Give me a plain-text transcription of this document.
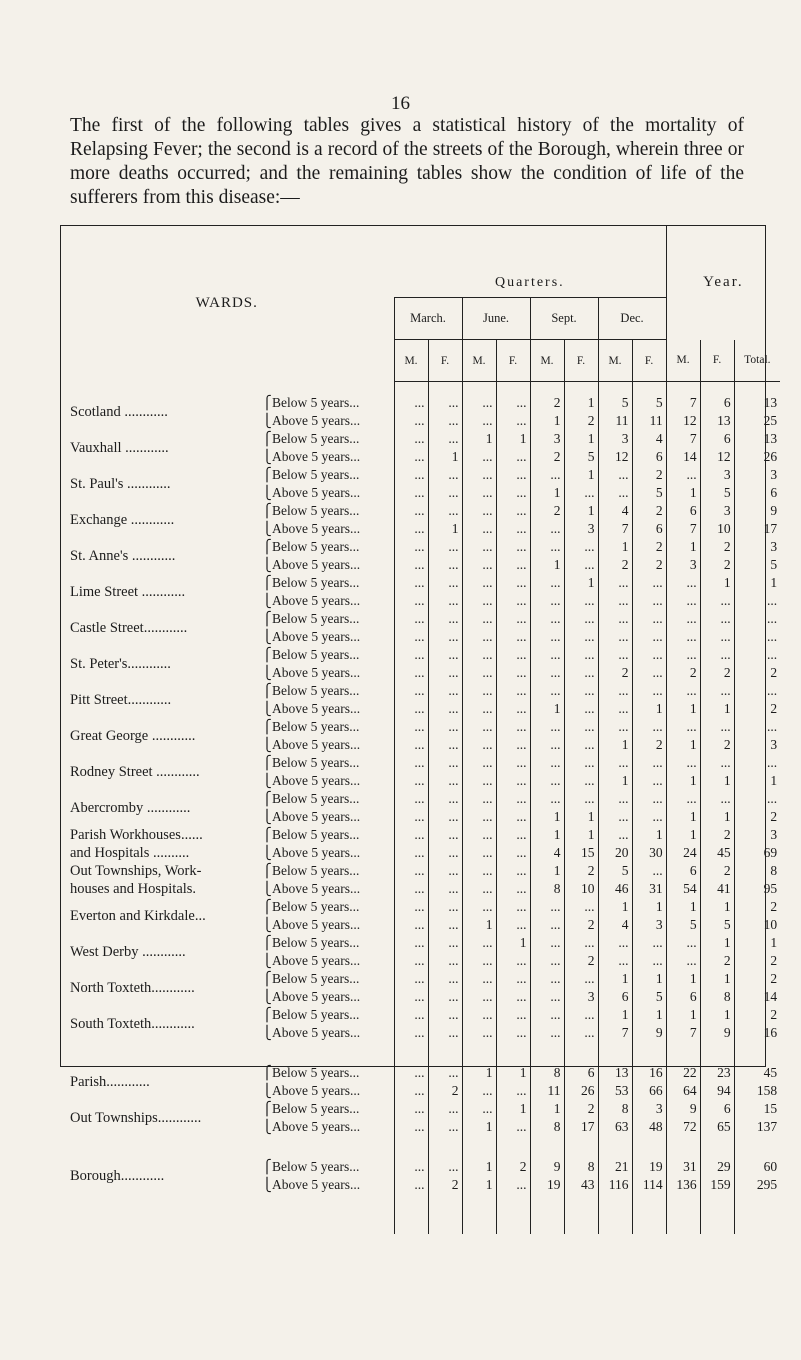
16

The first of the following tables gives a statistical history of the mortality of Relapsing Fever; the second is a record of the streets of the Borough, wherein three or more deaths occurred; and the remaining tables show the condition of life of the sufferers from this disease:—

WARDS.		Quarters.								Year.		
		March.		June.		Sept.		Dec.				
		M.	F.	M.	F.	M.	F.	M.	F.	M.	F.	Total.

Scotland ............	⎧Below 5 years...	...	...	...	...	2	1	5	5	7	6	13
	⎩Above 5 years...	...	...	...	...	1	2	11	11	12	13	25
Vauxhall ............	⎧Below 5 years...	...	...	1	1	3	1	3	4	7	6	13
	⎩Above 5 years...	...	1	...	...	2	5	12	6	14	12	26
St. Paul's ............	⎧Below 5 years...	...	...	...	...	...	1	...	2	...	3	3
	⎩Above 5 years...	...	...	...	...	1	...	...	5	1	5	6
Exchange ............	⎧Below 5 years...	...	...	...	...	2	1	4	2	6	3	9
	⎩Above 5 years...	...	1	...	...	...	3	7	6	7	10	17
St. Anne's ............	⎧Below 5 years...	...	...	...	...	...	...	1	2	1	2	3
	⎩Above 5 years...	...	...	...	...	1	...	2	2	3	2	5
Lime Street ............	⎧Below 5 years...	...	...	...	...	...	1	...	...	...	1	1
	⎩Above 5 years...	...	...	...	...	...	...	...	...	...	...	...
Castle Street............	⎧Below 5 years...	...	...	...	...	...	...	...	...	...	...	...
	⎩Above 5 years...	...	...	...	...	...	...	...	...	...	...	...
St. Peter's............	⎧Below 5 years...	...	...	...	...	...	...	...	...	...	...	...
	⎩Above 5 years...	...	...	...	...	...	...	2	...	2	2	2
Pitt Street............	⎧Below 5 years...	...	...	...	...	...	...	...	...	...	...	...
	⎩Above 5 years...	...	...	...	...	1	...	...	1	1	1	2
Great George ............	⎧Below 5 years...	...	...	...	...	...	...	...	...	...	...	...
	⎩Above 5 years...	...	...	...	...	...	...	1	2	1	2	3
Rodney Street ............	⎧Below 5 years...	...	...	...	...	...	...	...	...	...	...	...
	⎩Above 5 years...	...	...	...	...	...	...	1	...	1	1	1
Abercromby ............	⎧Below 5 years...	...	...	...	...	...	...	...	...	...	...	...
	⎩Above 5 years...	...	...	...	...	1	1	...	...	1	1	2
Parish Workhouses......	⎧Below 5 years...	...	...	...	...	1	1	...	1	1	2	3
and Hospitals ..........	⎩Above 5 years...	...	...	...	...	4	15	20	30	24	45	69
Out Townships, Work-	⎧Below 5 years...	...	...	...	...	1	2	5	...	6	2	8
houses and Hospitals.	⎩Above 5 years...	...	...	...	...	8	10	46	31	54	41	95
Everton and Kirkdale...	⎧Below 5 years...	...	...	...	...	...	...	1	1	1	1	2
	⎩Above 5 years...	...	...	1	...	...	2	4	3	5	5	10
West Derby ............	⎧Below 5 years...	...	...	...	1	...	...	...	...	...	1	1
	⎩Above 5 years...	...	...	...	...	...	2	...	...	...	2	2
North Toxteth............	⎧Below 5 years...	...	...	...	...	...	...	1	1	1	1	2
	⎩Above 5 years...	...	...	...	...	...	3	6	5	6	8	14
South Toxteth............	⎧Below 5 years...	...	...	...	...	...	...	1	1	1	1	2
	⎩Above 5 years...	...	...	...	...	...	...	7	9	7	9	16

Parish............	⎧Below 5 years...	...	...	1	1	8	6	13	16	22	23	45
	⎩Above 5 years...	...	2	...	...	11	26	53	66	64	94	158
Out Townships............	⎧Below 5 years...	...	...	...	1	1	2	8	3	9	6	15
	⎩Above 5 years...	...	...	1	...	8	17	63	48	72	65	137

Borough............	⎧Below 5 years...	...	...	1	2	9	8	21	19	31	29	60
	⎩Above 5 years...	...	2	1	...	19	43	116	114	136	159	295
